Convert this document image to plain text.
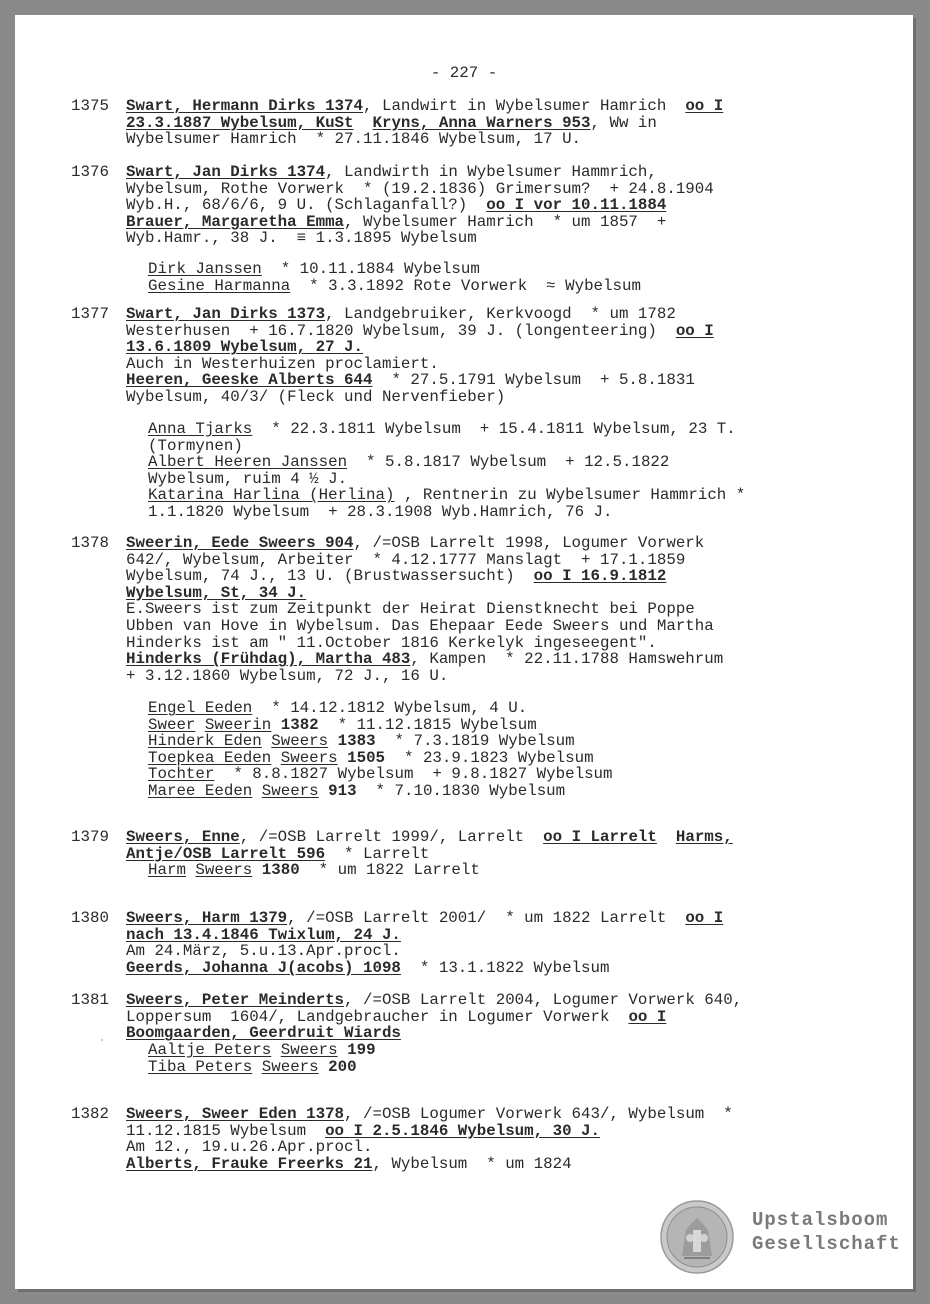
- 227 -
1375	Swart, Hermann Dirks 1374, Landwirt in Wybelsumer Hamrich  oo I
23.3.1887 Wybelsum, KuSt Kryns, Anna Warners 953, Ww in
Wybelsumer Hamrich  * 27.11.1846 Wybelsum, 17 U.
1376	Swart, Jan Dirks 1374, Landwirth in Wybelsumer Hammrich,
Wybelsum, Rothe Vorwerk  * (19.2.1836) Grimersum?  + 24.8.1904
Wyb.H., 68/6/6, 9 U. (Schlaganfall?)  oo I vor 10.11.1884
Brauer, Margaretha Emma, Wybelsumer Hamrich  * um 1857  +
Wyb.Hamr., 38 J.  ≡ 1.3.1895 Wybelsum
1377	Swart, Jan Dirks 1373, Landgebruiker, Kerkvoogd  * um 1782
Westerhusen  + 16.7.1820 Wybelsum, 39 J. (longenteering)  oo I
13.6.1809 Wybelsum, 27 J.
Auch in Westerhuizen proclamiert.
Heeren, Geeske Alberts 644  * 27.5.1791 Wybelsum  + 5.8.1831
Wybelsum, 40/3/ (Fleck und Nervenfieber)
1378	Sweerin, Eede Sweers 904, /=OSB Larrelt 1998, Logumer Vorwerk
642/, Wybelsum, Arbeiter  * 4.12.1777 Manslagt  + 17.1.1859
Wybelsum, 74 J., 13 U. (Brustwassersucht)  oo I 16.9.1812
Wybelsum, St, 34 J.
E.Sweers ist zum Zeitpunkt der Heirat Dienstknecht bei Poppe
Ubben van Hove in Wybelsum. Das Ehepaar Eede Sweers und Martha
Hinderks ist am " 11.October 1816 Kerkelyk ingeseegent".
Hinderks (Frühdag), Martha 483, Kampen  * 22.11.1788 Hamswehrum
+ 3.12.1860 Wybelsum, 72 J., 16 U.
1379	Sweers, Enne, /=OSB Larrelt 1999/, Larrelt  oo I Larrelt Harms,
Antje/OSB Larrelt 596  * Larrelt
1380	Sweers, Harm 1379, /=OSB Larrelt 2001/  * um 1822 Larrelt  oo I
nach 13.4.1846 Twixlum, 24 J.
Am 24.März, 5.u.13.Apr.procl.
Geerds, Johanna J(acobs) 1098  * 13.1.1822 Wybelsum
1381	Sweers, Peter Meinderts, /=OSB Larrelt 2004, Logumer Vorwerk 640,
Loppersum  1604/, Landgebraucher in Logumer Vorwerk  oo I
Boomgaarden, Geerdruit Wiards
1382	Sweers, Sweer Eden 1378, /=OSB Logumer Vorwerk 643/, Wybelsum  *
11.12.1815 Wybelsum  oo I 2.5.1846 Wybelsum, 30 J.
Am 12., 19.u.26.Apr.procl.
Alberts, Frauke Freerks 21, Wybelsum  * um 1824
Dirk Janssen  * 10.11.1884 Wybelsum
Gesine Harmanna  * 3.3.1892 Rote Vorwerk  ≈ Wybelsum
Anna Tjarks  * 22.3.1811 Wybelsum  + 15.4.1811 Wybelsum, 23 T.
(Tormynen)
Albert Heeren Janssen  * 5.8.1817 Wybelsum  + 12.5.1822
Wybelsum, ruim 4 ½ J.
Katarina Harlina (Herlina) , Rentnerin zu Wybelsumer Hammrich *
1.1.1820 Wybelsum  + 28.3.1908 Wyb.Hamrich, 76 J.
Engel Eeden  * 14.12.1812 Wybelsum, 4 U.
Sweer Sweerin 1382  * 11.12.1815 Wybelsum
Hinderk Eden Sweers 1383  * 7.3.1819 Wybelsum
Toepkea Eeden Sweers 1505  * 23.9.1823 Wybelsum
Tochter  * 8.8.1827 Wybelsum  + 9.8.1827 Wybelsum
Maree Eeden Sweers 913  * 7.10.1830 Wybelsum
Harm Sweers 1380  * um 1822 Larrelt
Aaltje Peters Sweers 199
Tiba Peters Sweers 200
Upstalsboom
Gesellschaft
